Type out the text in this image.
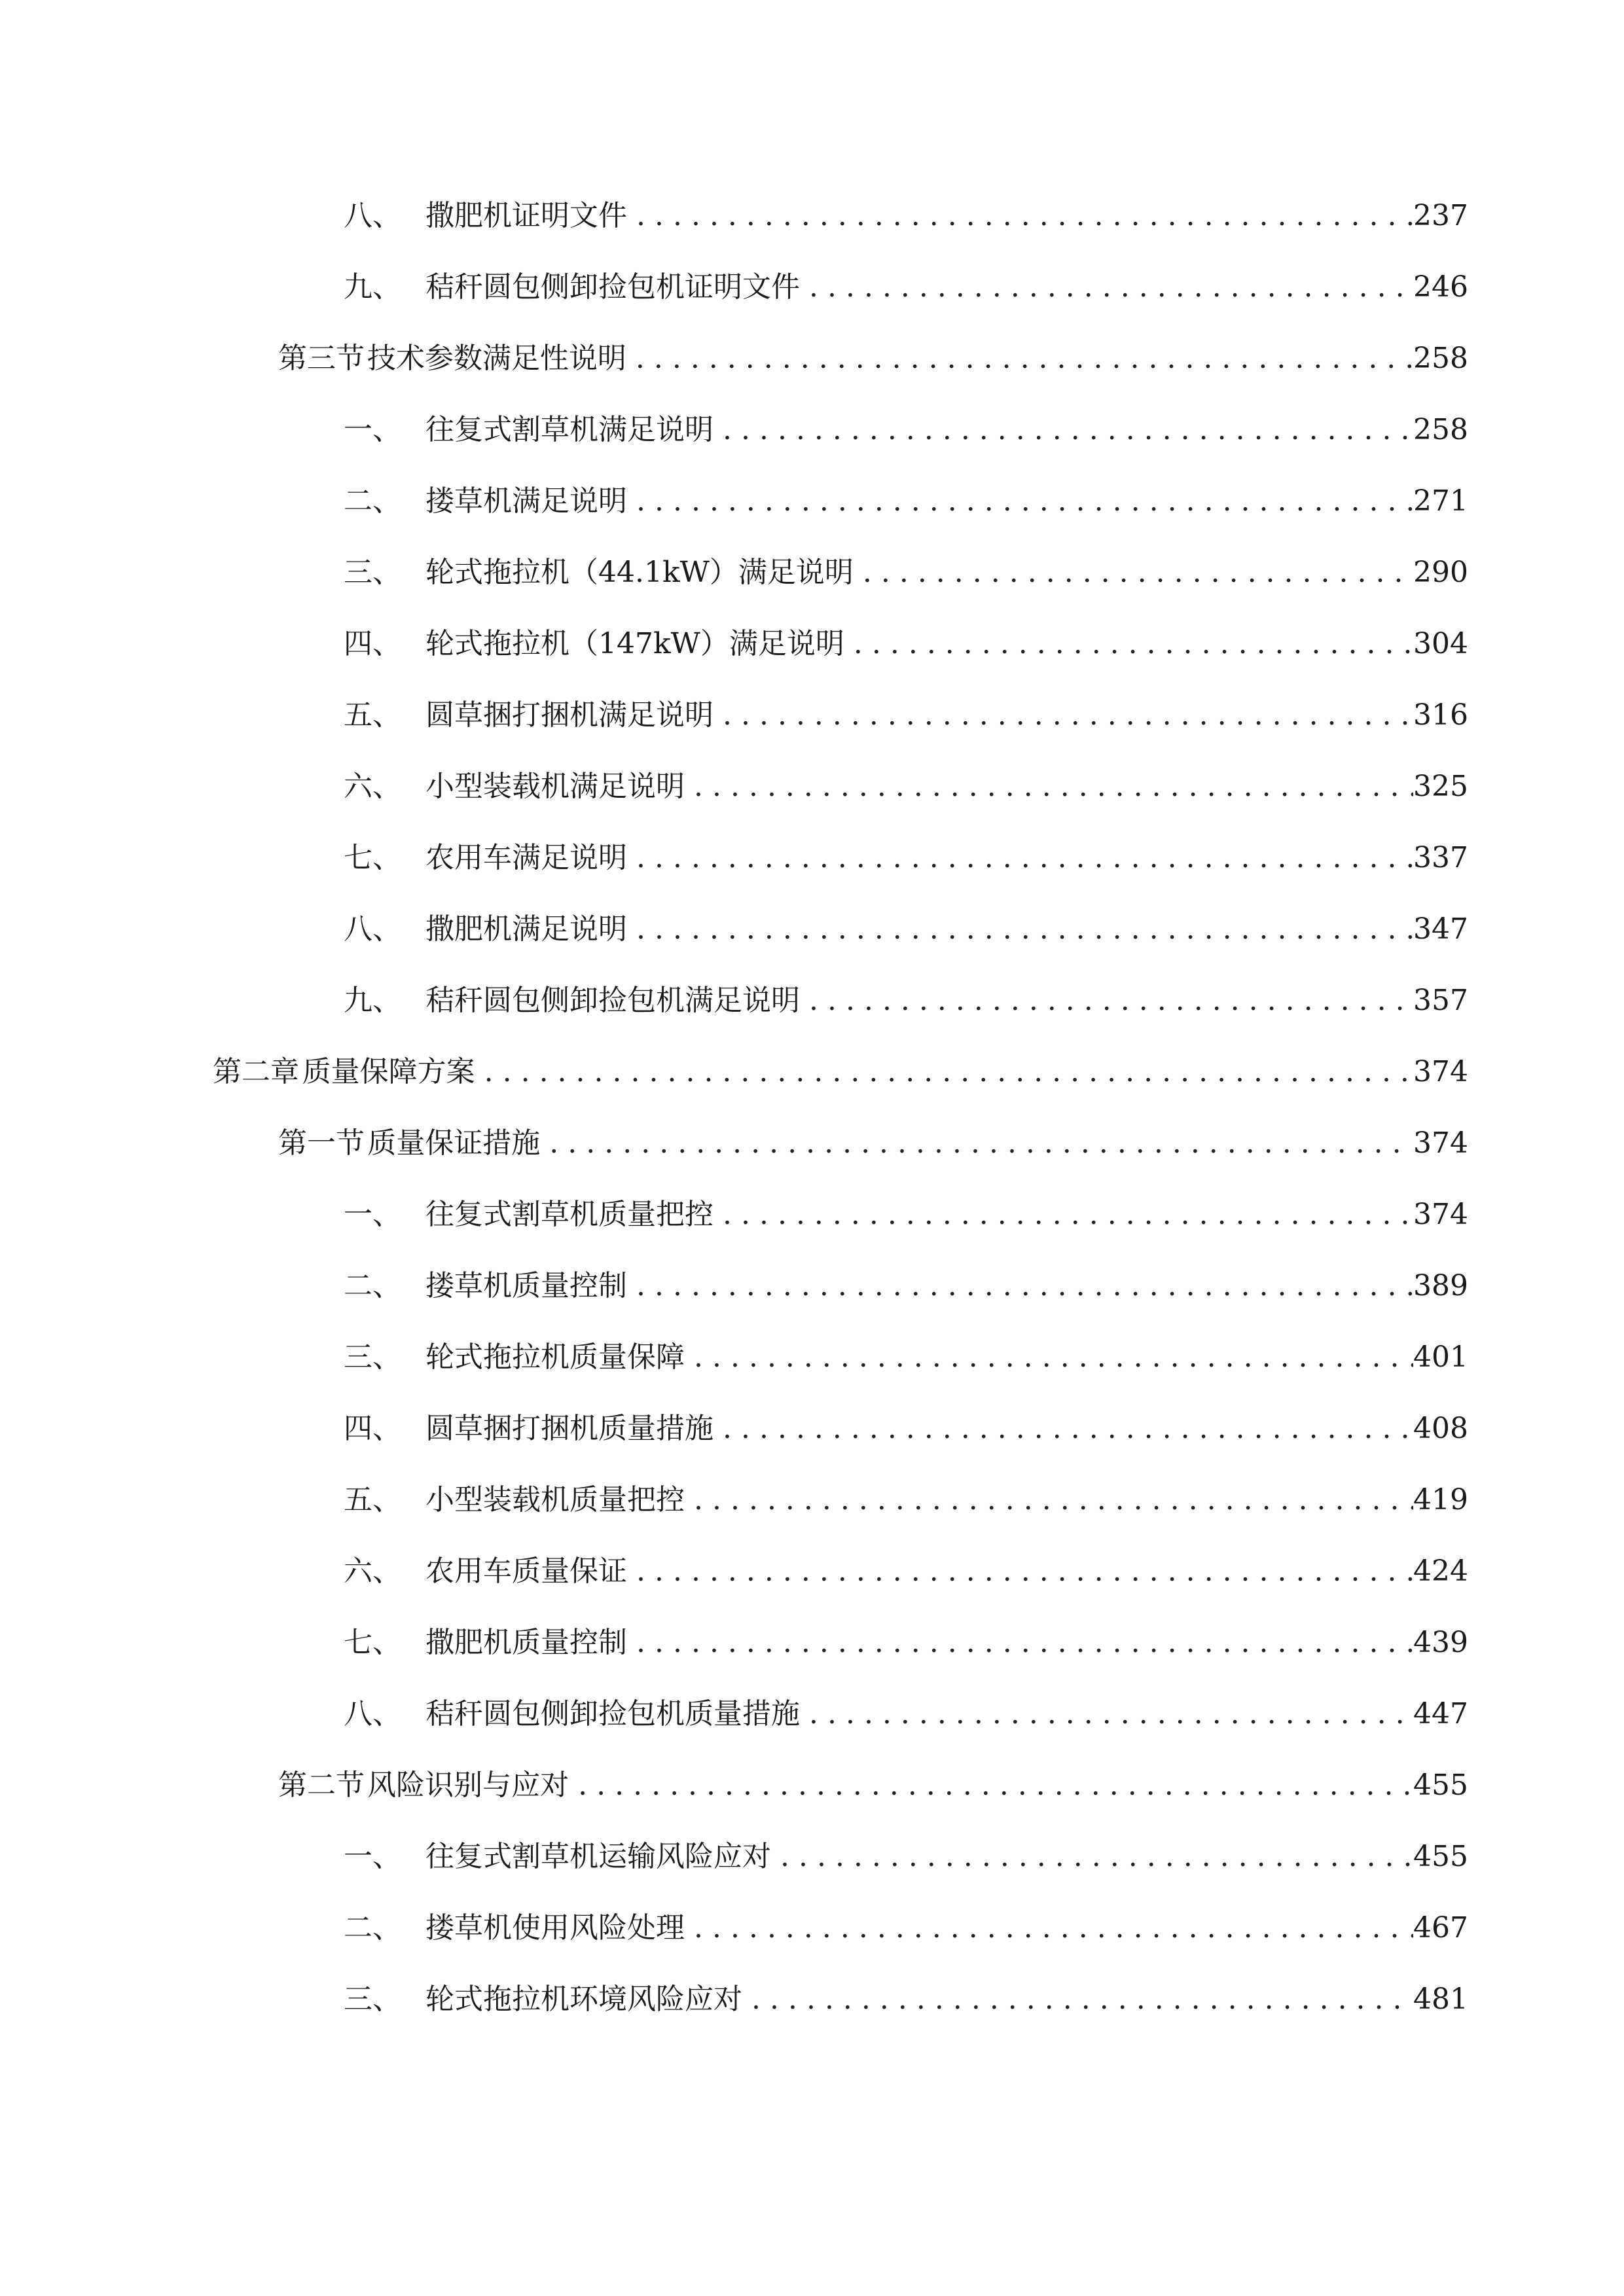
八、 撒肥机证明文件 .....	237
九、 秸秆圆包侧卸捡包机证明文件 .....	246
第三节 技术参数满足性说明 .....	258
一、 往复式割草机满足说明 .....	258
二、 搂草机满足说明 .....	271
三、 轮式拖拉机（44.1kW）满足说明 .....	290
四、 轮式拖拉机（147kW）满足说明 .....	304
五、 圆草捆打捆机满足说明 .....	316
六、 小型装载机满足说明 .....	325
七、 农用车满足说明 .....	337
八、 撒肥机满足说明 .....	347
九、 秸秆圆包侧卸捡包机满足说明 .....	357
第二章 质量保障方案 .....	374
第一节 质量保证措施 .....	374
一、 往复式割草机质量把控 .....	374
二、 搂草机质量控制 .....	389
三、 轮式拖拉机质量保障 .....	401
四、 圆草捆打捆机质量措施 .....	408
五、 小型装载机质量把控 .....	419
六、 农用车质量保证 .....	424
七、 撒肥机质量控制 .....	439
八、 秸秆圆包侧卸捡包机质量措施 .....	447
第二节 风险识别与应对 .....	455
一、 往复式割草机运输风险应对 .....	455
二、 搂草机使用风险处理 .....	467
三、 轮式拖拉机环境风险应对 .....	481
